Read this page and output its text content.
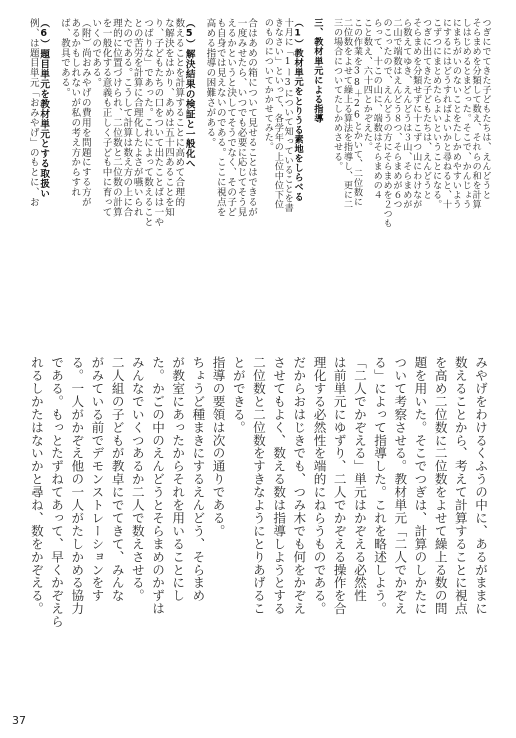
つぎにでてきた子どもたちは、えんどうと
そらまめを分類して数え、それらの和を計算
しはじめるとまどった。そこで、かんじょう
にまちがいのないことをたしかめやすいよう
にするにはどうすればよいかと尋ねると、十
こずつにまとめたらよいということになる。
つぎに出てきた子どもたちは、えんどうと
そらまめを分類せずに十こずつ山にわけなが
ら数えてゆき、えんどうは３山、そらまめが
二山で端数はえんどう８つ、そらまめが６つ
のこったので、えんどうの方にそらまめを２つも
らって、十この山に、端数はそらまめの４
こと数え、六十四とかぞえた。
この作業を38＋26とかいて、二位数に
二位数をよせて繰上る算法を指導し、更に二
三の場合についてたしかめさせる。
三、教材単元による指導
（1）教材単元をとりうる素地をしらべる
十月に「1ー3について知っていることを書
きなさい」といって、各学年の上位中位下位
のものについてかかせてみた。
みやげをわけるくふうの中に、あるがままに
数えることから、考えて計算することに視点
を高め二位数に二位数をよせて繰上る数の問
題を用いた。そこでつぎは、計算のしかたに
ついて考察させる。教材単元「二人でかぞえ
る」によって指導した。これを略述しよう。
「二人でかぞえる」単元はかぞえる必然性
は前単元にゆずり、二人でかぞえる操作を合
理化する必然性を端的にねらうものである。
だからおはじきでも、つみ木でも何をかぞえ
させてもよく、数える数は指導しようとする
二位数と二位数をすきなようにとりあげるこ
とができる。
指導の要領は次の通りである。
ちょうど種まきにするえんどう、そらまめ
が教室にあったからそれを用いることにし
た。かごの中のえんどうとそらまめのかずは
みんなでいくつあるか二人で数えさせる。
二人組の子どもが教卓にでてきて、みんな
がみている前でデモンストレーションをす
る。一人がかぞえ他の一人がたしかめる協力
である。もっとたずねてあって、早くかぞえら
れるしかたはないかと尋ね、数をかぞえる。
37
合はあめの箱について見せることはできるが
一度みせたら、いつでも必要に応じてそう見
えるかというと決してそうでなく、その子ど
も自身では見えないのである。ここに視点を
高める指導の困難さがある。
（5）解決結果の検証と一般化へ
数えることを計算することに高めて合理的
な解決をはかり、あめは五十四あることを知
り、子どもたちの口をついて出たことばは一や
つばりな」であった。これによって数えること
との苦労を計算に合理化したよさが嚥いられ
たのである。こうして計算は数え方の上に合
理的に位置づけられ、二位数と二位数の計算
を一般化する意義も正しく子ども中に育って
いくのである。
（附）尚おみやげの費用を問題にする方が
あるかもしれないが私の考え方からすれ
ば、教具である。
（6）題目単元を教材単元とする取扱い
例、は題目単元「おみやげ」のもとに、お
